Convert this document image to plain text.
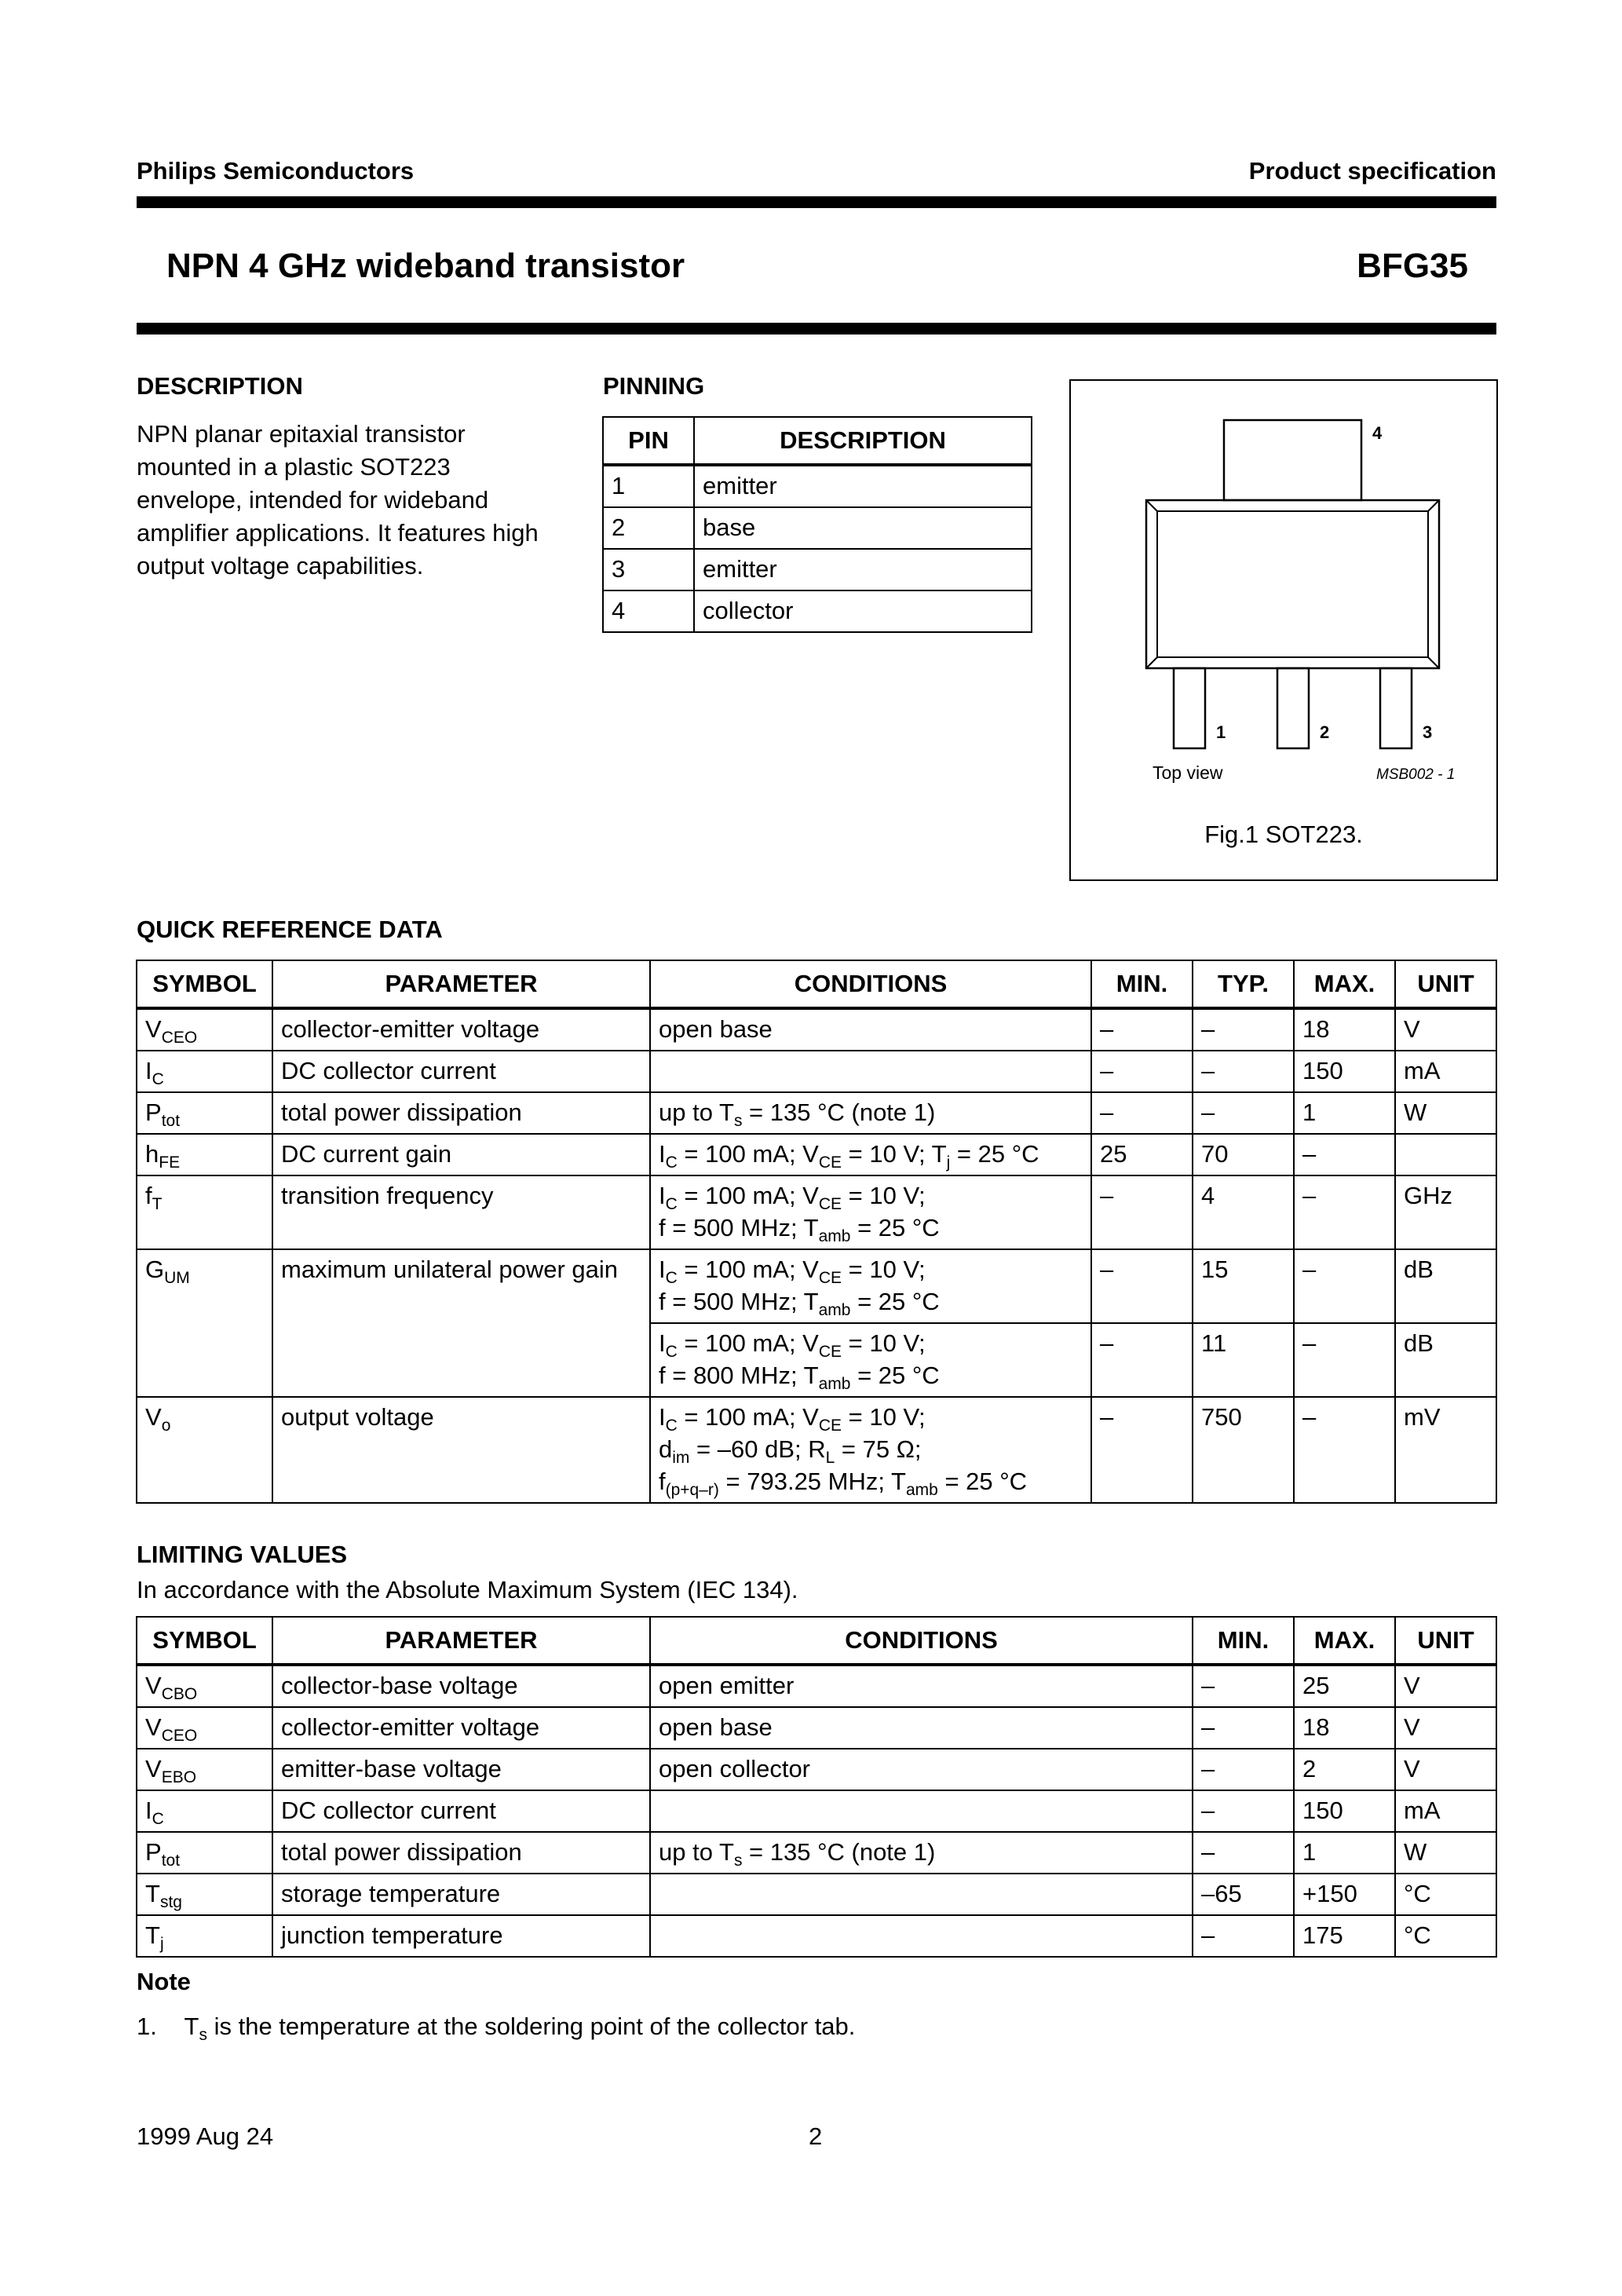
Philips Semiconductors	Product specification
NPN 4 GHz wideband transistor	BFG35
DESCRIPTION
NPN planar epitaxial transistor
mounted in a plastic SOT223
envelope, intended for wideband
amplifier applications. It features high
output voltage capabilities.
PINNING
PIN	DESCRIPTION
1	emitter
2	base
3	emitter
4	collector
4
1	2	3
Top view	MSB002 - 1
Fig.1 SOT223.
QUICK REFERENCE DATA
SYMBOL	PARAMETER	CONDITIONS	MIN.	TYP.	MAX.	UNIT
$V_{CEO}$	collector-emitter voltage	open base	–	–	18	V
$I_C$	DC collector current		–	–	150	mA
$P_{tot}$	total power dissipation	up to $T_s = 135$ °C (note 1)	–	–	1	W
$h_{FE}$	DC current gain	$I_C = 100$ mA; $V_{CE} = 10$ V; $T_j = 25$ °C	25	70	–	
$f_T$	transition frequency	$I_C = 100$ mA; $V_{CE} = 10$ V;
f = 500 MHz; $T_{amb} = 25$ °C	–	4	–	GHz
$G_{UM}$	maximum unilateral power gain	$I_C = 100$ mA; $V_{CE} = 10$ V;
f = 500 MHz; $T_{amb} = 25$ °C	–	15	–	dB
		$I_C = 100$ mA; $V_{CE} = 10$ V;
f = 800 MHz; $T_{amb} = 25$ °C	–	11	–	dB
$V_o$	output voltage	$I_C = 100$ mA; $V_{CE} = 10$ V;
$d_{im} = -60$ dB; $R_L = 75$ Ω;
$f_{(p+q-r)} = 793.25$ MHz; $T_{amb} = 25$ °C	–	750	–	mV
LIMITING VALUES
In accordance with the Absolute Maximum System (IEC 134).
SYMBOL	PARAMETER	CONDITIONS	MIN.	MAX.	UNIT
$V_{CBO}$	collector-base voltage	open emitter	–	25	V
$V_{CEO}$	collector-emitter voltage	open base	–	18	V
$V_{EBO}$	emitter-base voltage	open collector	–	2	V
$I_C$	DC collector current		–	150	mA
$P_{tot}$	total power dissipation	up to $T_s = 135$ °C (note 1)	–	1	W
$T_{stg}$	storage temperature		–65	+150	°C
$T_j$	junction temperature		–	175	°C
Note
1. $T_s$ is the temperature at the soldering point of the collector tab.
1999 Aug 24	2
